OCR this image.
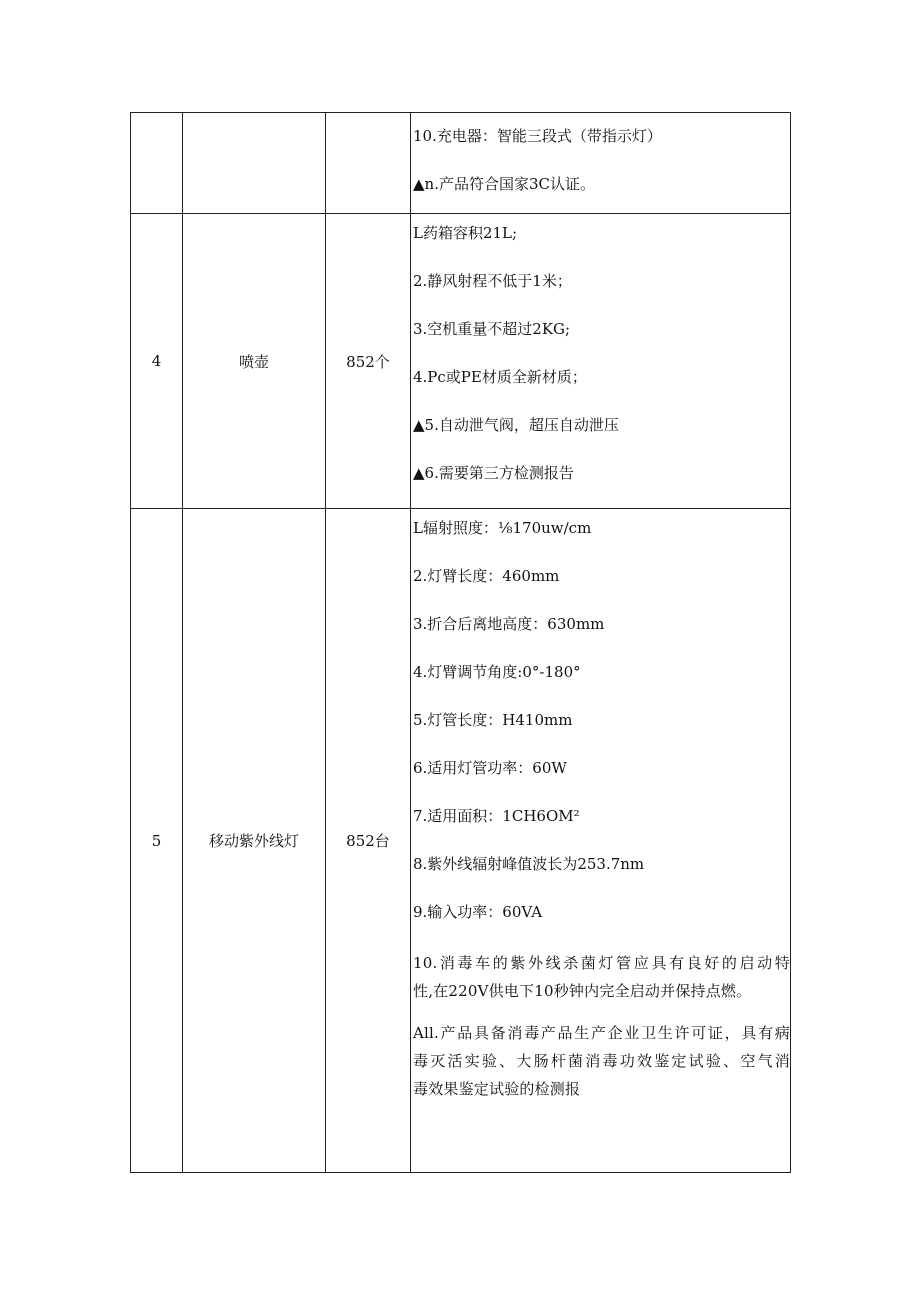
10.充电器：智能三段式（带指示灯）
▲n.产品符合国家3C认证。
4	喷壶	852个
L药箱容积21L;
2.静风射程不低于1米；
3.空机重量不超过2KG;
4.Pc或PE材质全新材质；
▲5.自动泄气阀，超压自动泄压
▲6.需要第三方检测报告
5	移动紫外线灯	852台
L辐射照度：⅛170uw∕cm
2.灯臂长度：460mm
3.折合后离地高度：630mm
4.灯臂调节角度:0°-180°
5.灯管长度：H410mm
6.适用灯管功率：60W
7.适用面积：1CH6OM²
8.紫外线辐射峰值波长为253.7nm
9.输入功率：60VA
10.消毒车的紫外线杀菌灯管应具有良好的启动特
性,在220V供电下10秒钟内完全启动并保持点燃。
All.产品具备消毒产品生产企业卫生许可证，具有病
毒灭活实验、大肠杆菌消毒功效鉴定试验、空气消
毒效果鉴定试验的检测报
